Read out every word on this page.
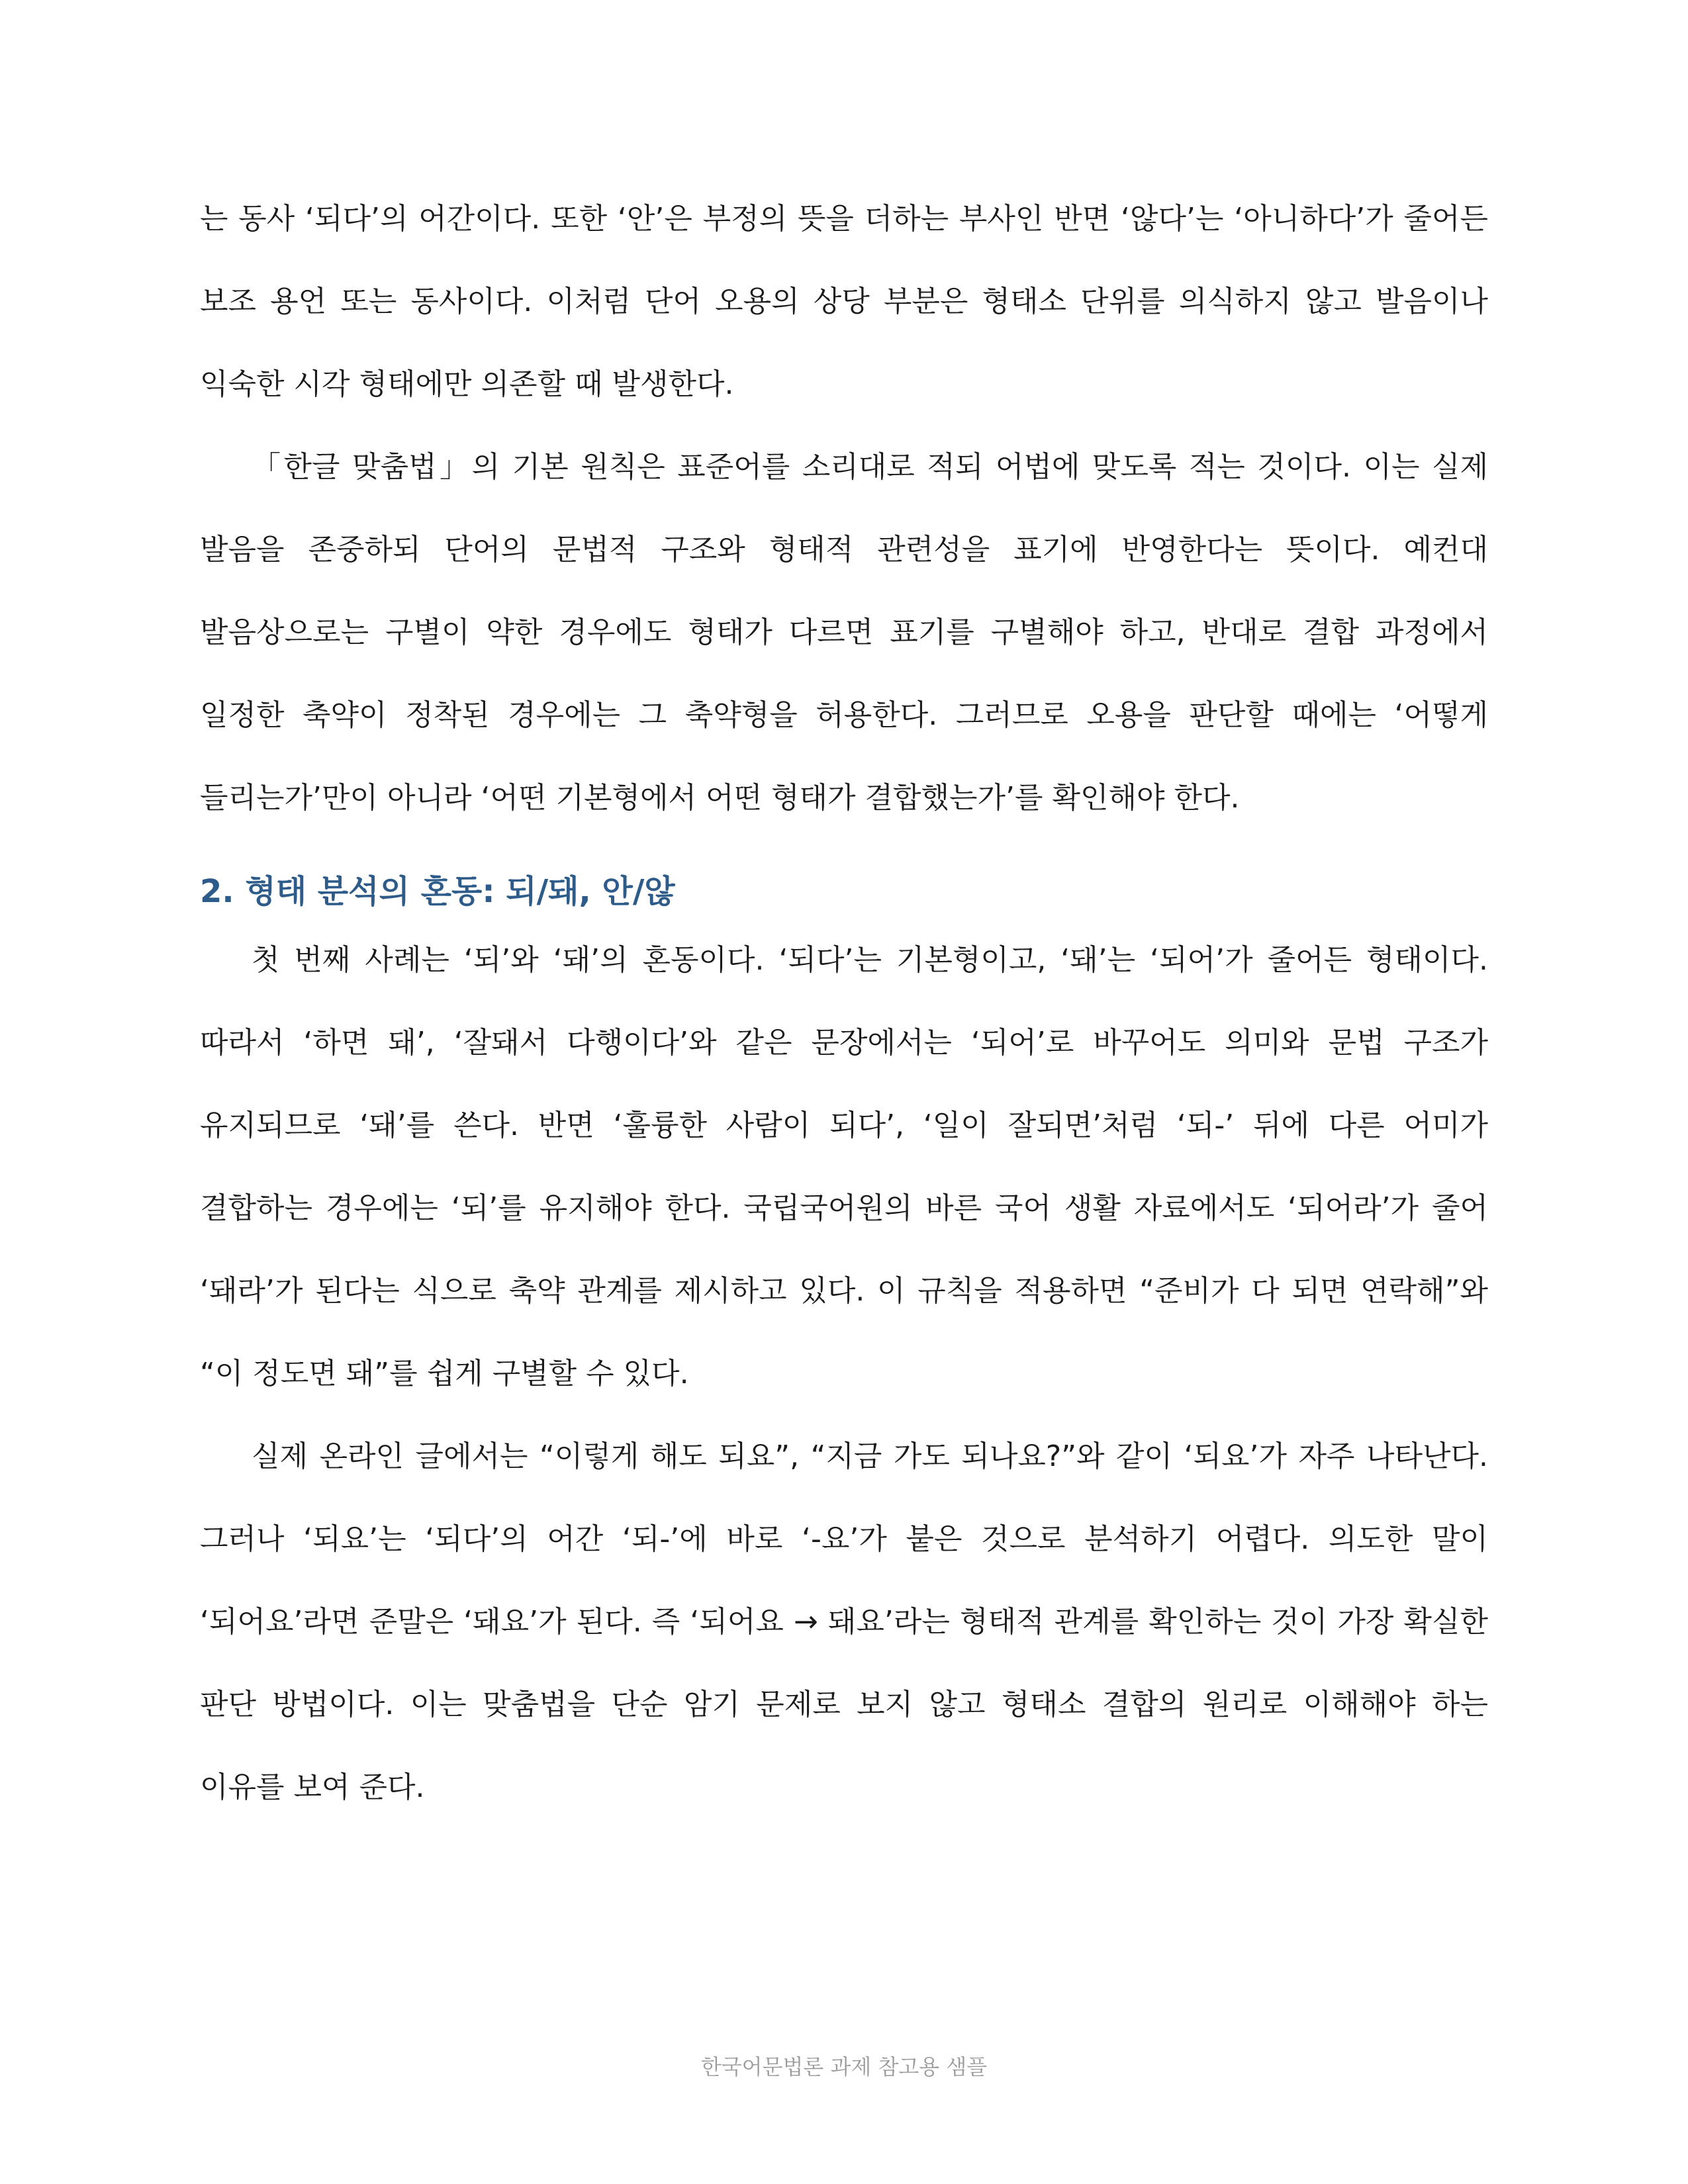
는 동사 ‘되다’의 어간이다. 또한 ‘안’은 부정의 뜻을 더하는 부사인 반면 ‘않다’는 ‘아니하다’가 줄어든 보조 용언 또는 동사이다. 이처럼 단어 오용의 상당 부분은 형태소 단위를 의식하지 않고 발음이나 익숙한 시각 형태에만 의존할 때 발생한다.

「한글 맞춤법」의 기본 원칙은 표준어를 소리대로 적되 어법에 맞도록 적는 것이다. 이는 실제 발음을 존중하되 단어의 문법적 구조와 형태적 관련성을 표기에 반영한다는 뜻이다. 예컨대 발음상으로는 구별이 약한 경우에도 형태가 다르면 표기를 구별해야 하고, 반대로 결합 과정에서 일정한 축약이 정착된 경우에는 그 축약형을 허용한다. 그러므로 오용을 판단할 때에는 ‘어떻게 들리는가’만이 아니라 ‘어떤 기본형에서 어떤 형태가 결합했는가’를 확인해야 한다.

2. 형태 분석의 혼동: 되/돼, 안/않

첫 번째 사례는 ‘되’와 ‘돼’의 혼동이다. ‘되다’는 기본형이고, ‘돼’는 ‘되어’가 줄어든 형태이다. 따라서 ‘하면 돼’, ‘잘돼서 다행이다’와 같은 문장에서는 ‘되어’로 바꾸어도 의미와 문법 구조가 유지되므로 ‘돼’를 쓴다. 반면 ‘훌륭한 사람이 되다’, ‘일이 잘되면’처럼 ‘되-’ 뒤에 다른 어미가 결합하는 경우에는 ‘되’를 유지해야 한다. 국립국어원의 바른 국어 생활 자료에서도 ‘되어라’가 줄어 ‘돼라’가 된다는 식으로 축약 관계를 제시하고 있다. 이 규칙을 적용하면 “준비가 다 되면 연락해”와 “이 정도면 돼”를 쉽게 구별할 수 있다.

실제 온라인 글에서는 “이렇게 해도 되요”, “지금 가도 되나요?”와 같이 ‘되요’가 자주 나타난다. 그러나 ‘되요’는 ‘되다’의 어간 ‘되-’에 바로 ‘-요’가 붙은 것으로 분석하기 어렵다. 의도한 말이 ‘되어요’라면 준말은 ‘돼요’가 된다. 즉 ‘되어요 → 돼요’라는 형태적 관계를 확인하는 것이 가장 확실한 판단 방법이다. 이는 맞춤법을 단순 암기 문제로 보지 않고 형태소 결합의 원리로 이해해야 하는 이유를 보여 준다.

한국어문법론 과제 참고용 샘플
